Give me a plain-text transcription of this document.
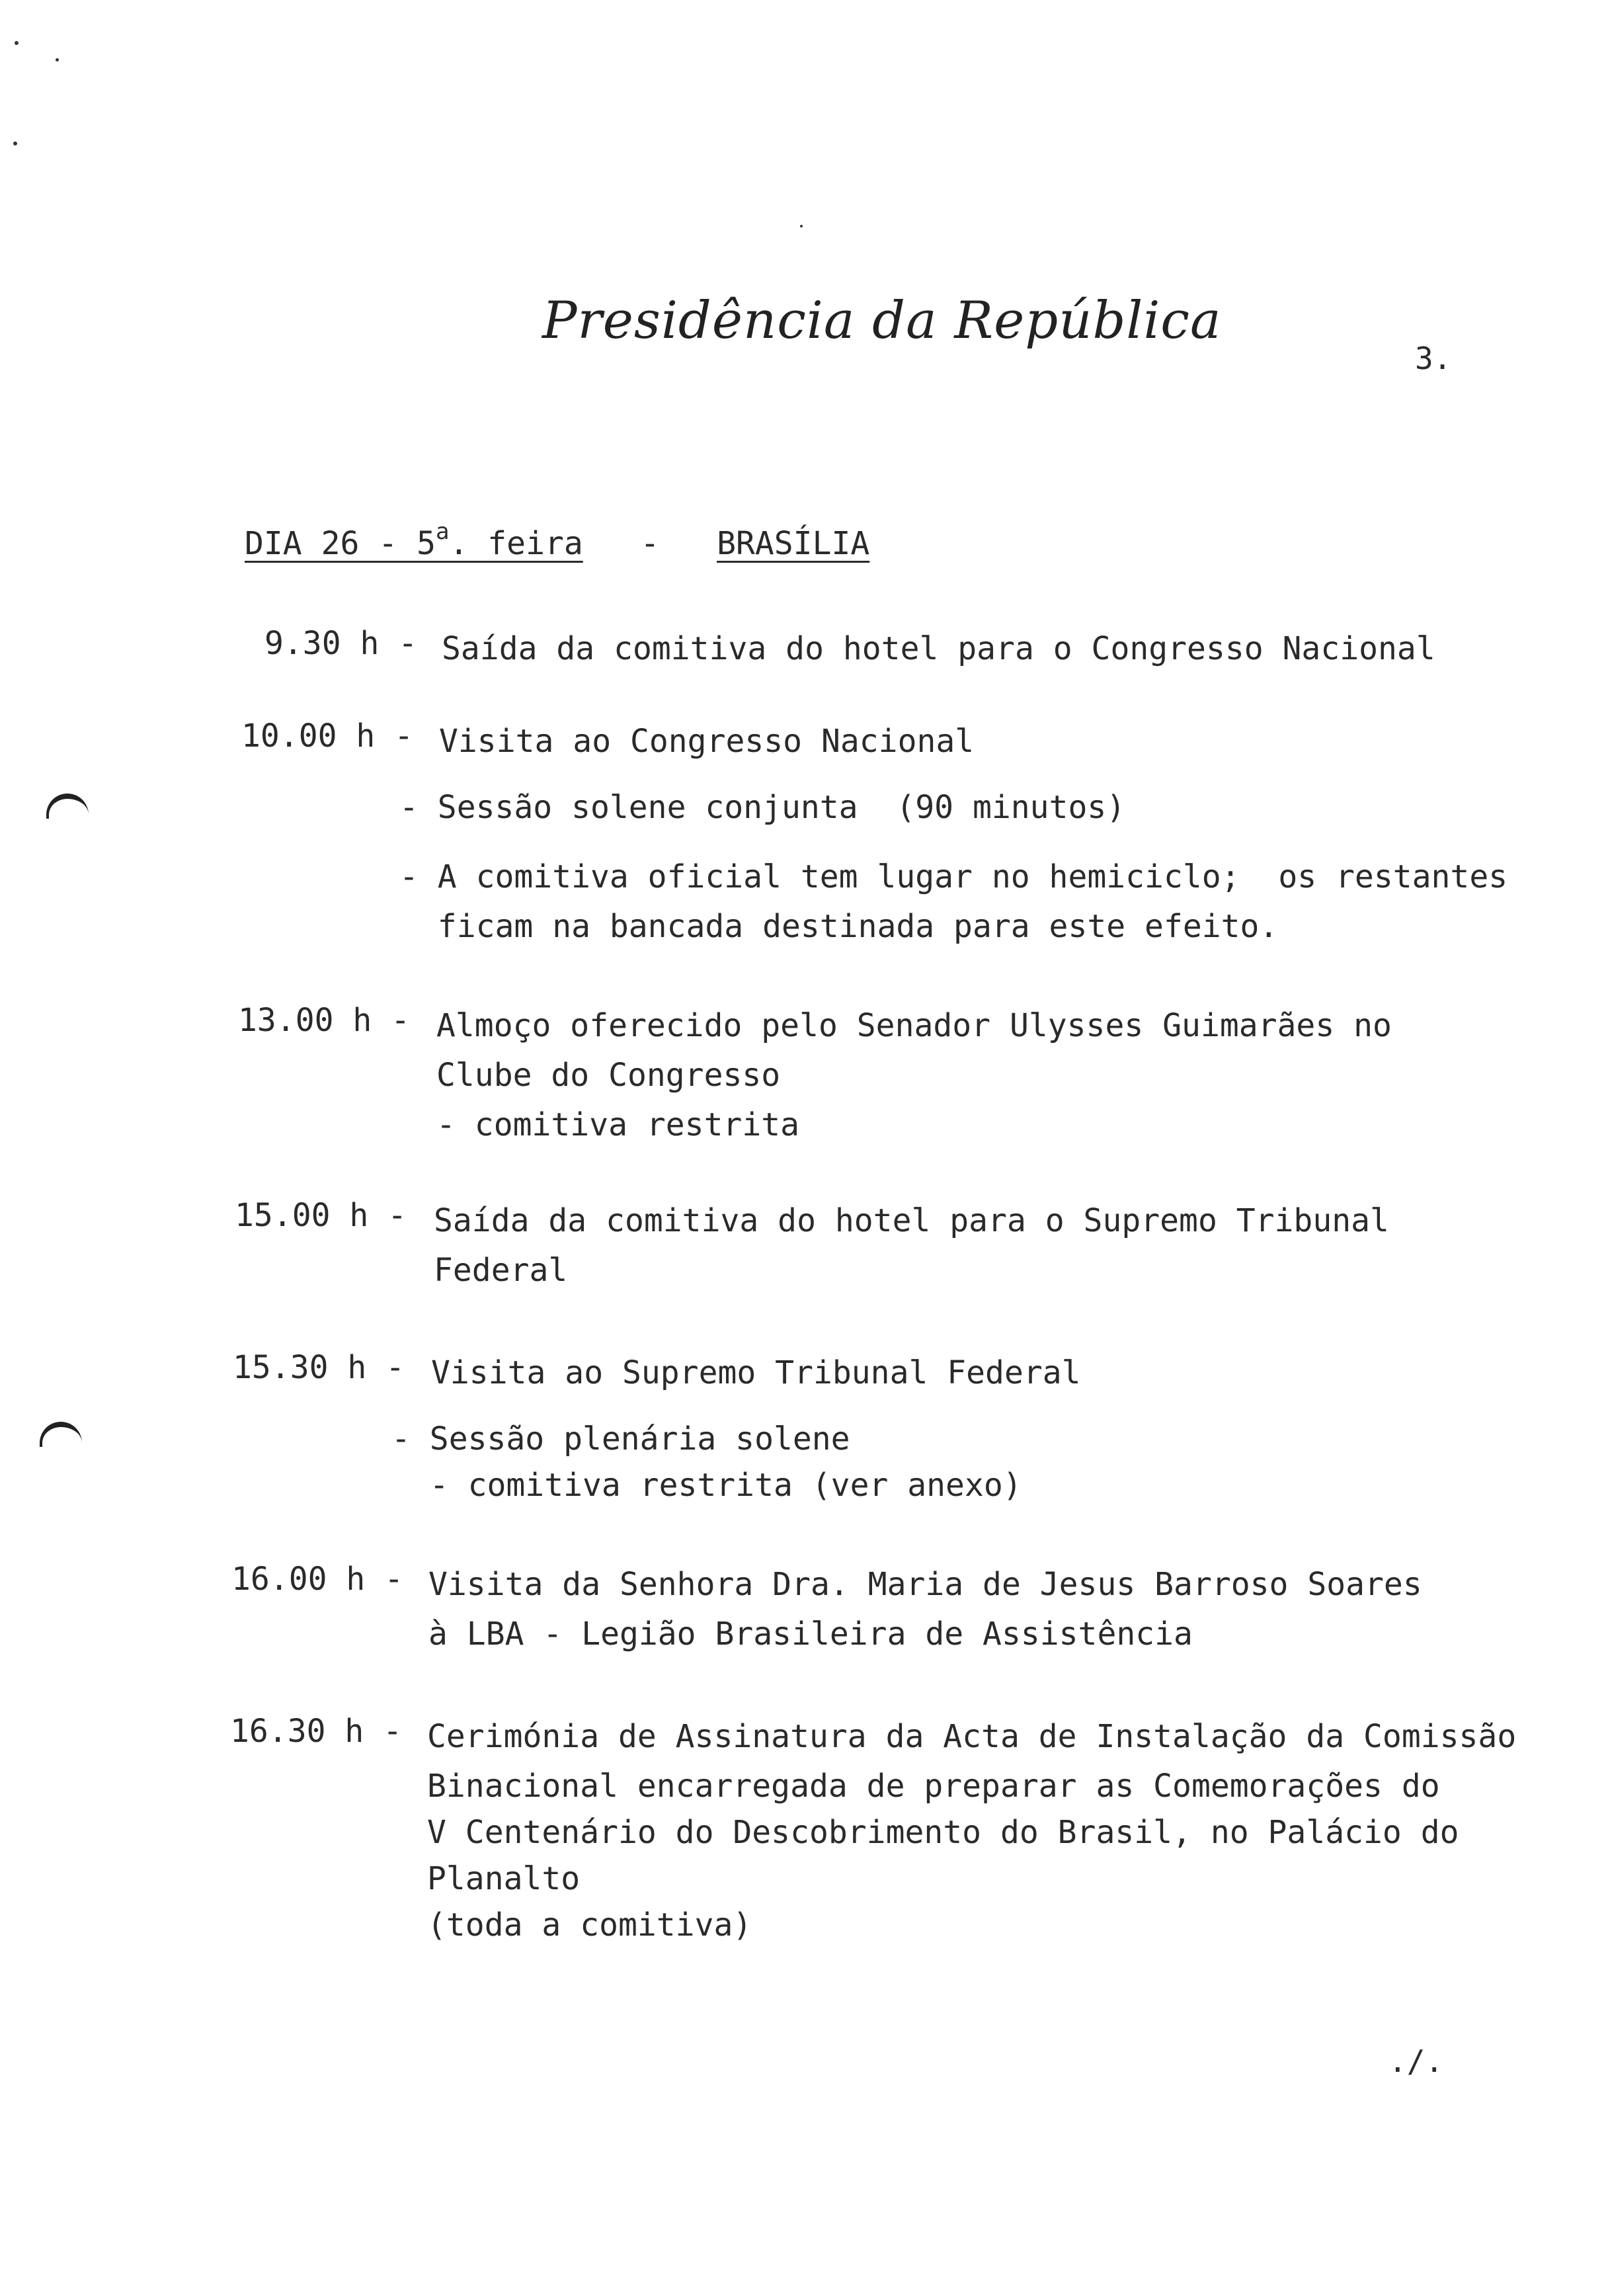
Presidência da República
3.
DIA 26 - 5$^a$. feira - BRASÍLIA
9.30 h - Saída da comitiva do hotel para o Congresso Nacional
10.00 h - Visita ao Congresso Nacional
- Sessão solene conjunta  (90 minutos)
- A comitiva oficial tem lugar no hemiciclo;  os restantes
ficam na bancada destinada para este efeito.
13.00 h - Almoço oferecido pelo Senador Ulysses Guimarães no
Clube do Congresso
- comitiva restrita
15.00 h - Saída da comitiva do hotel para o Supremo Tribunal
Federal
15.30 h - Visita ao Supremo Tribunal Federal
- Sessão plenária solene
- comitiva restrita (ver anexo)
16.00 h - Visita da Senhora Dra. Maria de Jesus Barroso Soares
à LBA - Legião Brasileira de Assistência
16.30 h - Cerimónia de Assinatura da Acta de Instalação da Comissão
Binacional encarregada de preparar as Comemorações do
V Centenário do Descobrimento do Brasil, no Palácio do
Planalto
(toda a comitiva)
./.
